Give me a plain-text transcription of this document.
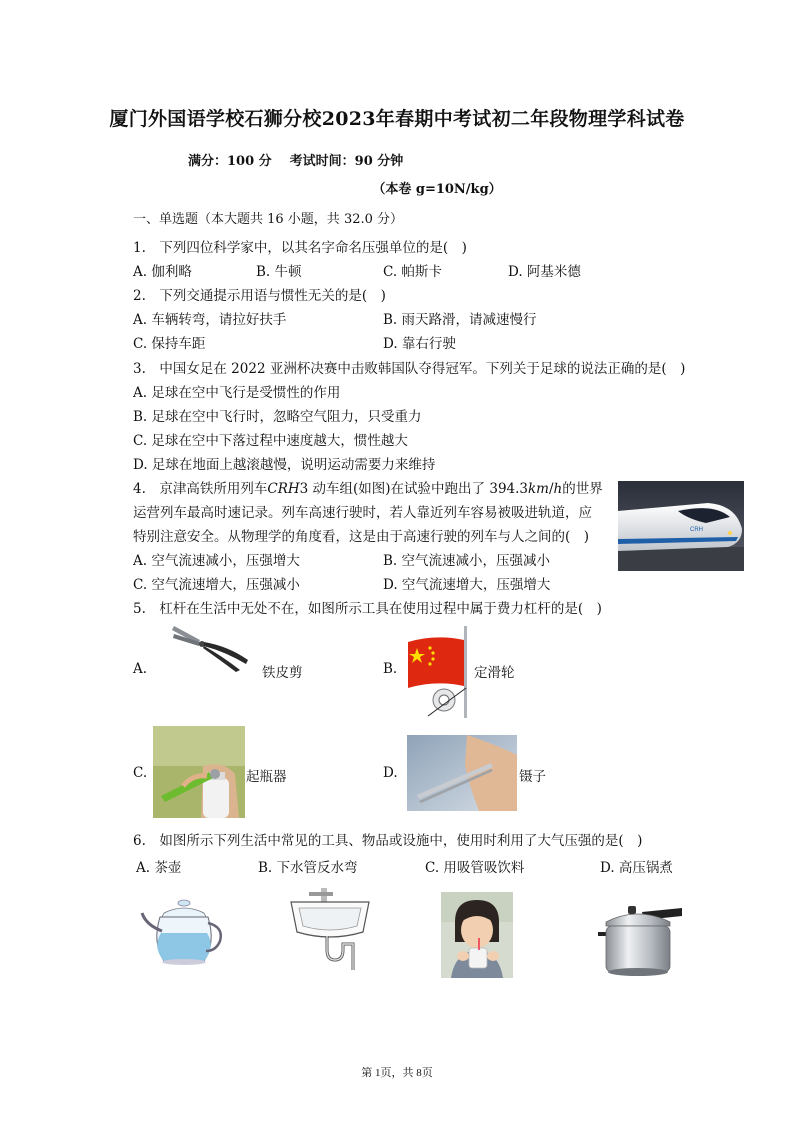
厦门外国语学校石狮分校2023年春期中考试初二年段物理学科试卷
满分：100 分 考试时间：90 分钟
（本卷 g=10N/kg）
一、单选题（本大题共 16 小题，共 32.0 分）
1.　下列四位科学家中，以其名字命名压强单位的是(　)
A. 伽利略	B. 牛顿	C. 帕斯卡	D. 阿基米德
2.　下列交通提示用语与惯性无关的是(　)
A. 车辆转弯，请拉好扶手	B. 雨天路滑，请减速慢行
C. 保持车距	D. 靠右行驶
3.　中国女足在 2022 亚洲杯决赛中击败韩国队夺得冠军。下列关于足球的说法正确的是(　)
A. 足球在空中飞行是受惯性的作用
B. 足球在空中飞行时，忽略空气阻力，只受重力
C. 足球在空中下落过程中速度越大，惯性越大
D. 足球在地面上越滚越慢，说明运动需要力来维持
4.　京津高铁所用列车𝐶𝑅𝐻3 动车组(如图)在试验中跑出了 394.3𝑘𝑚/ℎ的世界
运营列车最高时速记录。列车高速行驶时，若人靠近列车容易被吸进轨道，应
特别注意安全。从物理学的角度看，这是由于高速行驶的列车与人之间的(　)
A. 空气流速减小，压强增大	B. 空气流速减小，压强减小
C. 空气流速增大，压强减小	D. 空气流速增大，压强增大
CRH
5.　杠杆在生活中无处不在，如图所示工具在使用过程中属于费力杠杆的是(　)
A.	铁皮剪	B.	定滑轮
C.	起瓶器	D.	镊子
6.　如图所示下列生活中常见的工具、物品或设施中，使用时利用了大气压强的是(　)
A. 茶壶	B. 下水管反水弯	C. 用吸管吸饮料	D. 高压锅煮
第 1页，共 8页
